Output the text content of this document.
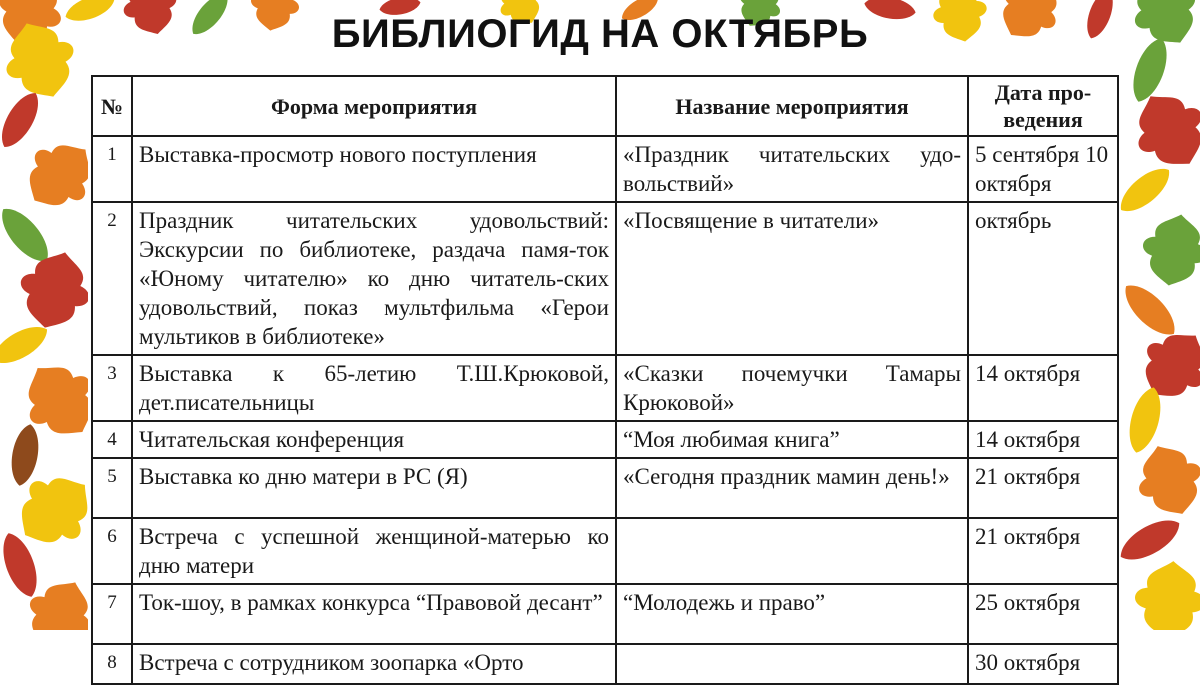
БИБЛИОГИД НА ОКТЯБРЬ
№	Форма мероприятия	Название мероприятия	Дата про-ведения
1	Выставка-просмотр нового поступления	«Праздник читательских удо-вольствий»	5 сентября 10 октября
2	Праздник читательских удовольствий: Экскурсии по библиотеке, раздача памя-ток «Юному читателю» ко дню читатель-ских удовольствий, показ мультфильма «Герои мультиков в библиотеке»	«Посвящение в читатели»	октябрь
3	Выставка к 65-летию Т.Ш.Крюковой, дет.писательницы	«Сказки почемучки Тамары Крюковой»	14 октября
4	Читательская конференция	“Моя любимая книга”	14 октября
5	Выставка ко дню матери в РС (Я)	«Сегодня праздник мамин день!»	21 октября
6	Встреча с успешной женщиной-матерью ко дню матери		21 октября
7	Ток-шоу, в рамках конкурса “Правовой десант”	“Молодежь и право”	25 октября
8	Встреча с сотрудником зоопарка «Орто		30 октября
